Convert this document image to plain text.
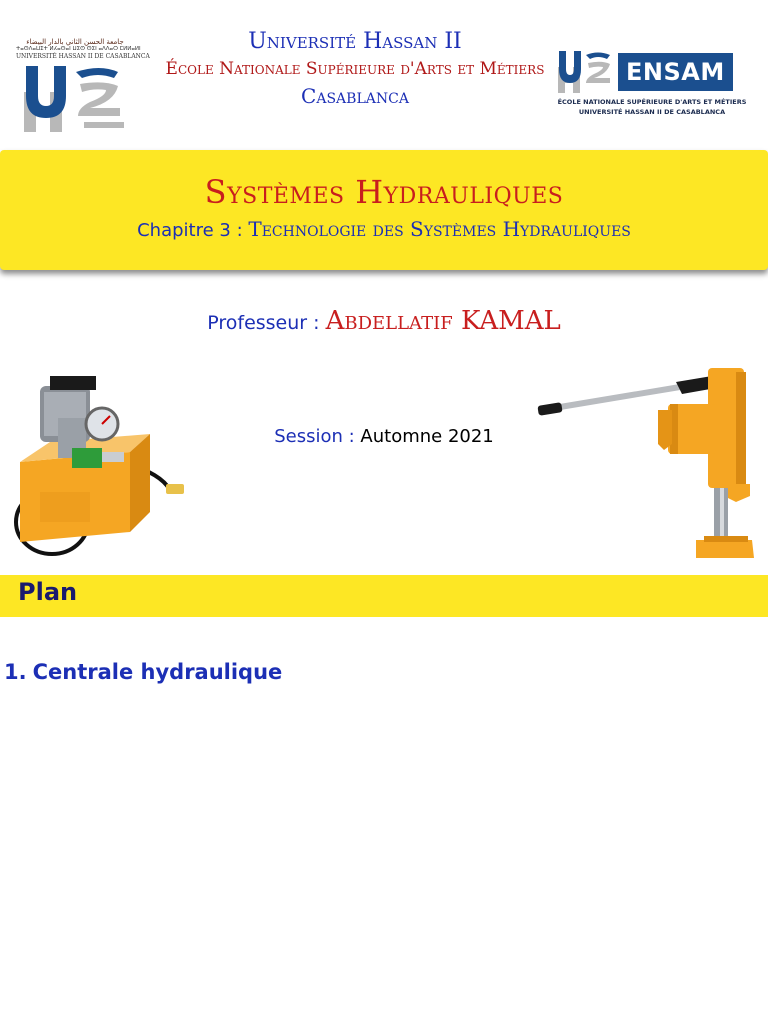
جامعة الحسن الثاني بالدار البيضاء
ⵜⴰⵙⴷⴰⵡⵉⵜ ⵍⵃⴰⵙⴰⵏ ⵡⵉⵙ ⵙⵉⵏ ⴰⴷⴷⴰⵔ ⵎⵍⵍⴰⵍⵏ
UNIVERSITÉ HASSAN II DE CASABLANCA
Université Hassan II
École Nationale Supérieure d'Arts et Métiers
Casablanca
ENSAM
ÉCOLE NATIONALE SUPÉRIEURE D'ARTS ET MÉTIERS
UNIVERSITÉ HASSAN II DE CASABLANCA
Systèmes Hydrauliques
Chapitre 3 : Technologie des Systèmes Hydrauliques
Professeur : Abdellatif KAMAL
Session : Automne 2021
Plan
1. Centrale hydraulique
